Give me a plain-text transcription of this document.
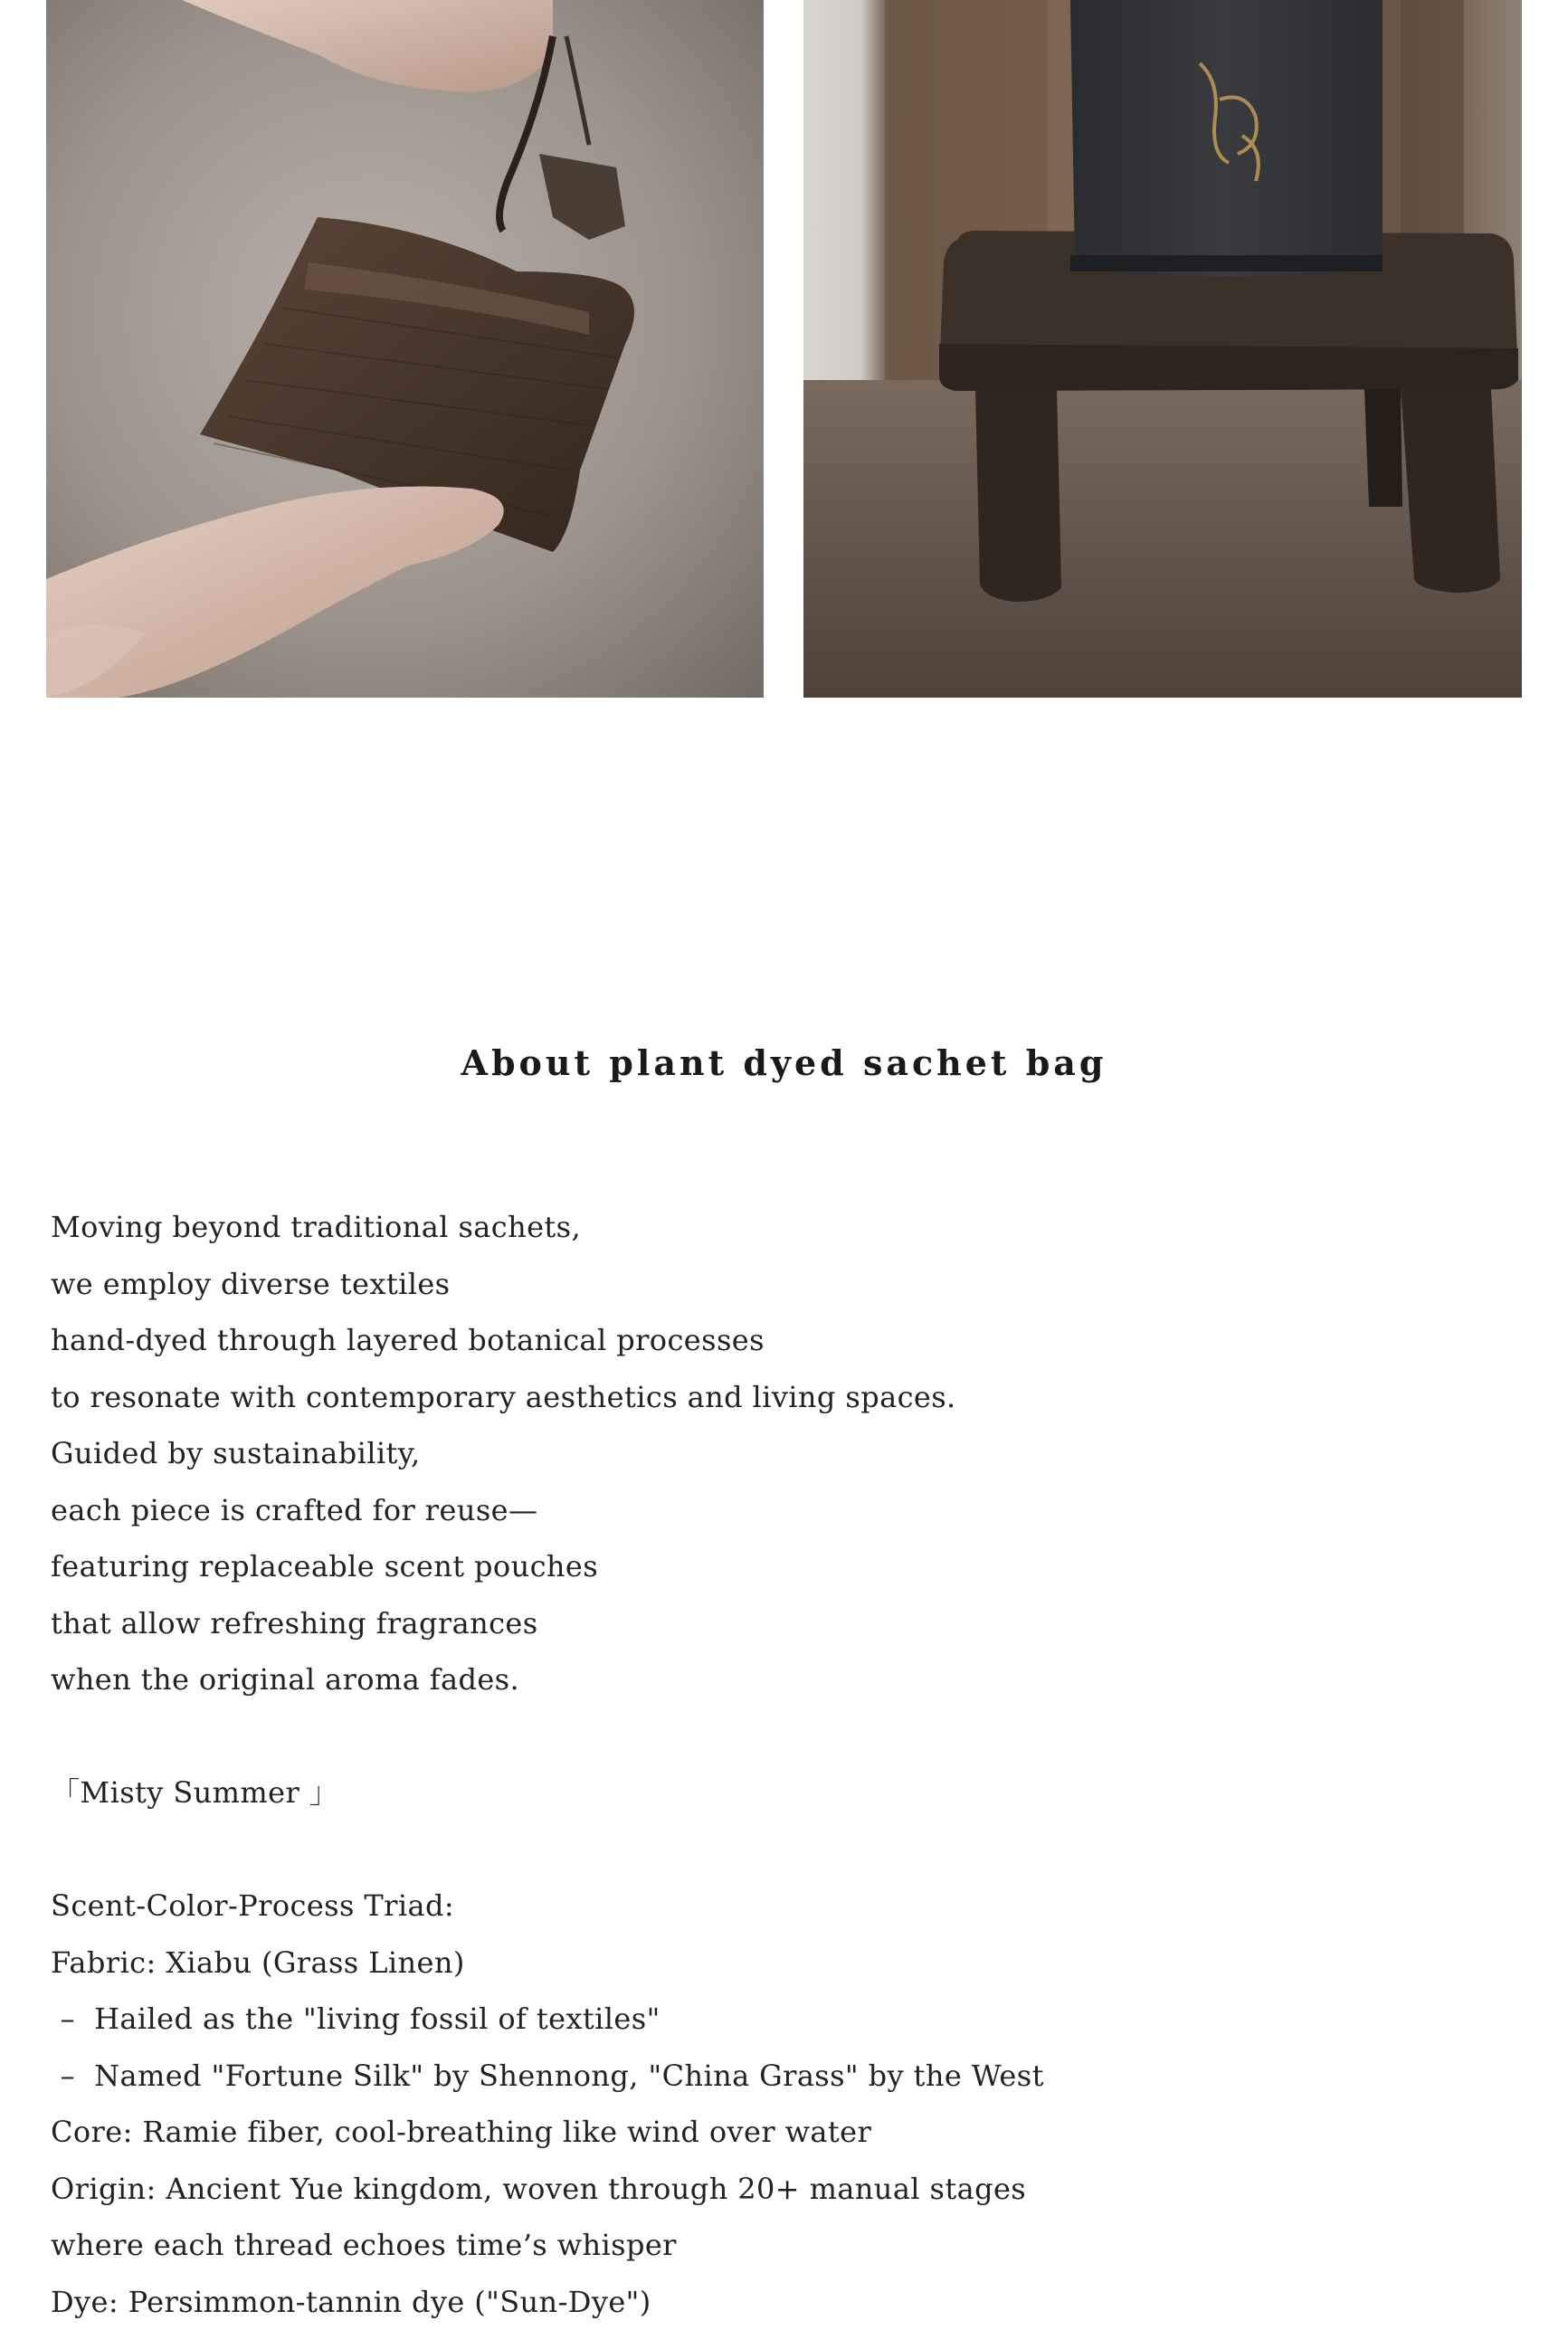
About plant dyed sachet bag
Moving beyond traditional sachets,
we employ diverse textiles
hand-dyed through layered botanical processes
to resonate with contemporary aesthetics and living spaces.
Guided by sustainability,
each piece is crafted for reuse—
featuring replaceable scent pouches
that allow refreshing fragrances
when the original aroma fades.
「Misty Summer 」
Scent-Color-Process Triad:
Fabric: Xiabu (Grass Linen)
–  Hailed as the "living fossil of textiles"
–  Named "Fortune Silk" by Shennong, "China Grass" by the West
Core: Ramie fiber, cool-breathing like wind over water
Origin: Ancient Yue kingdom, woven through 20+ manual stages
where each thread echoes time’s whisper
Dye: Persimmon-tannin dye ("Sun-Dye")
